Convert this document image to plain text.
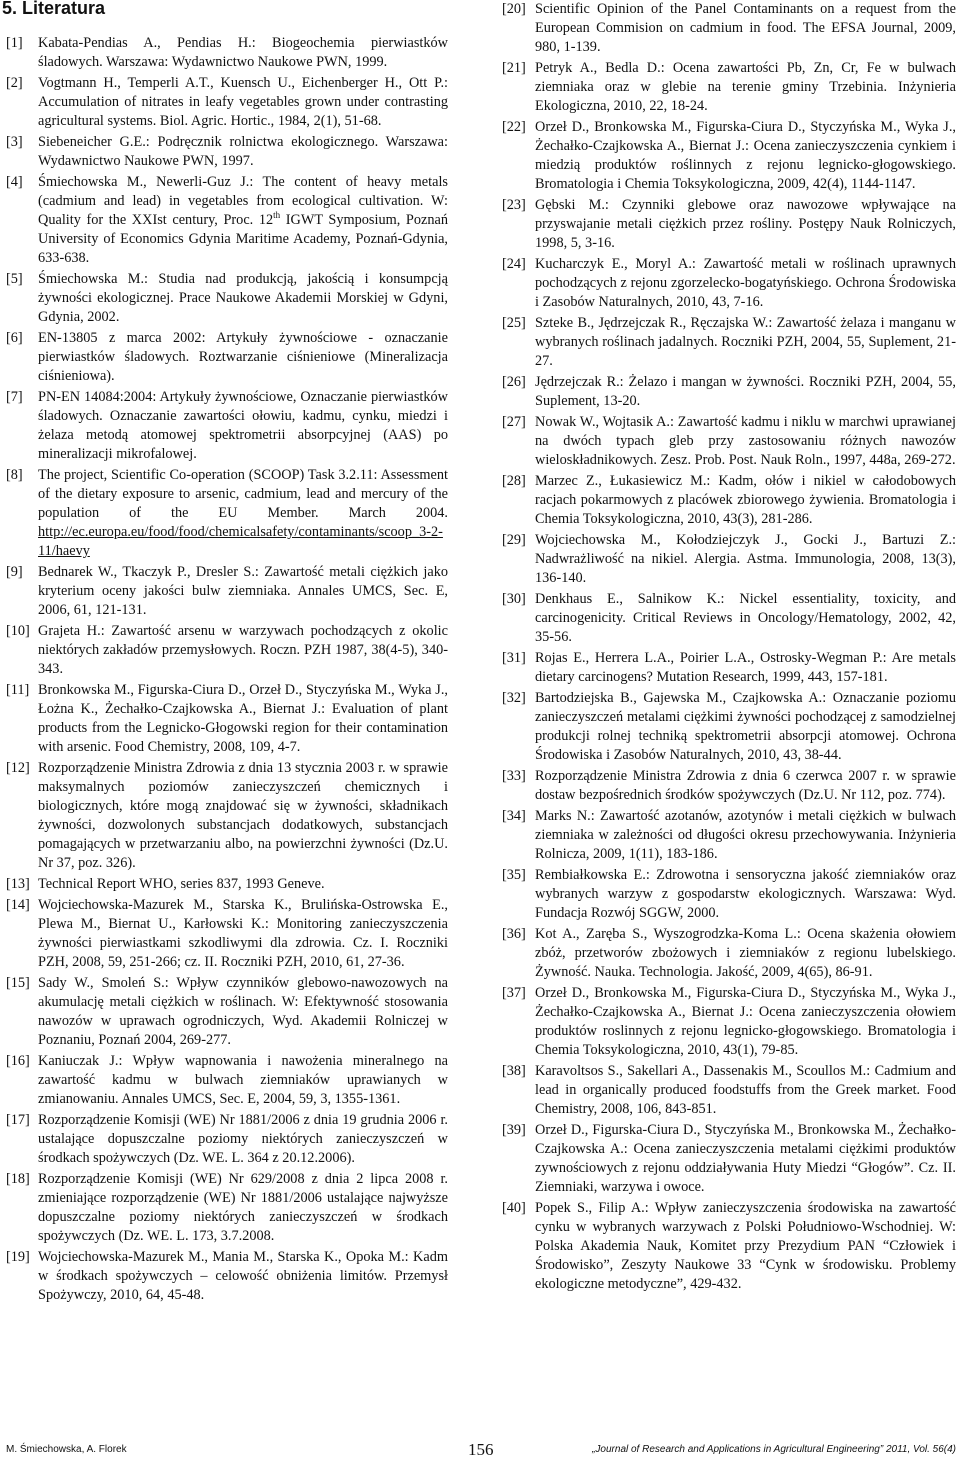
5. Literatura
[1]	Kabata-Pendias A., Pendias H.: Biogeochemia pierwiastków śladowych. Warszawa: Wydawnictwo Naukowe PWN, 1999.
[2]	Vogtmann H., Temperli A.T., Kuensch U., Eichenberger H., Ott P.: Accumulation of nitrates in leafy vegetables grown under contrasting agricultural systems. Biol. Agric. Hortic., 1984, 2(1), 51-68.
[3]	Siebeneicher G.E.: Podręcznik rolnictwa ekologicznego. Warszawa: Wydawnictwo Naukowe PWN, 1997.
[4]	Śmiechowska M., Newerli-Guz J.: The content of heavy metals (cadmium and lead) in vegetables from ecological cultivation. W: Quality for the XXIst century, Proc. 12th IGWT Symposium, Poznań University of Economics Gdynia Maritime Academy, Poznań-Gdynia, 633-638.
[5]	Śmiechowska M.: Studia nad produkcją, jakością i konsumpcją żywności ekologicznej. Prace Naukowe Akademii Morskiej w Gdyni, Gdynia, 2002.
[6]	EN-13805 z marca 2002: Artykuły żywnościowe - oznaczanie pierwiastków śladowych. Roztwarzanie ciśnieniowe (Mineralizacja ciśnieniowa).
[7]	PN-EN 14084:2004: Artykuły żywnościowe, Oznaczanie pierwiastków śladowych. Oznaczanie zawartości ołowiu, kadmu, cynku, miedzi i żelaza metodą atomowej spektrometrii absorpcyjnej (AAS) po mineralizacji mikrofalowej.
[8]	The project, Scientific Co-operation (SCOOP) Task 3.2.11: Assessment of the dietary exposure to arsenic, cadmium, lead and mercury of the population of the EU Member. March 2004. http://ec.europa.eu/food/food/chemicalsafety/contaminants/scoop_3-2-11/haevy
[9]	Bednarek W., Tkaczyk P., Dresler S.: Zawartość metali ciężkich jako kryterium oceny jakości bulw ziemniaka. Annales UMCS, Sec. E, 2006, 61, 121-131.
[10] Grajeta H.: Zawartość arsenu w warzywach pochodzących z okolic niektórych zakładów przemysłowych. Roczn. PZH 1987, 38(4-5), 340-343.
[11] Bronkowska M., Figurska-Ciura D., Orzeł D., Styczyńska M., Wyka J., Łożna K., Żechałko-Czajkowska A., Biernat J.: Evaluation of plant products from the Legnicko-Głogowski region for their contamination with arsenic. Food Chemistry, 2008, 109, 4-7.
[12] Rozporządzenie Ministra Zdrowia z dnia 13 stycznia 2003 r. w sprawie maksymalnych poziomów zanieczyszczeń chemicznych i biologicznych, które mogą znajdować się w żywności, składnikach żywności, dozwolonych substancjach dodatkowych, substancjach pomagających w przetwarzaniu albo, na powierzchni żywności (Dz.U. Nr 37, poz. 326).
[13] Technical Report WHO, series 837, 1993 Geneve.
[14] Wojciechowska-Mazurek M., Starska K., Brulińska-Ostrowska E., Plewa M., Biernat U., Karłowski K.: Monitoring zanieczyszczenia żywności pierwiastkami szkodliwymi dla zdrowia. Cz. I. Roczniki PZH, 2008, 59, 251-266; cz. II. Roczniki PZH, 2010, 61, 27-36.
[15] Sady W., Smoleń S.: Wpływ czynników glebowo-nawozowych na akumulację metali ciężkich w roślinach. W: Efektywność stosowania nawozów w uprawach ogrodniczych, Wyd. Akademii Rolniczej w Poznaniu, Poznań 2004, 269-277.
[16] Kaniuczak J.: Wpływ wapnowania i nawożenia mineralnego na zawartość kadmu w bulwach ziemniaków uprawianych w zmianowaniu. Annales UMCS, Sec. E, 2004, 59, 3, 1355-1361.
[17] Rozporządzenie Komisji (WE) Nr 1881/2006 z dnia 19 grudnia 2006 r. ustalające dopuszczalne poziomy niektórych zanieczyszczeń w środkach spożywczych (Dz. WE. L. 364 z 20.12.2006).
[18] Rozporządzenie Komisji (WE) Nr 629/2008 z dnia 2 lipca 2008 r. zmieniające rozporządzenie (WE) Nr 1881/2006 ustalające najwyższe dopuszczalne poziomy niektórych zanieczyszczeń w środkach spożywczych (Dz. WE. L. 173, 3.7.2008.
[19] Wojciechowska-Mazurek M., Mania M., Starska K., Opoka M.: Kadm w środkach spożywczych – celowość obniżenia limitów. Przemysł Spożywczy, 2010, 64, 45-48.
[20] Scientific Opinion of the Panel Contaminants on a request from the European Commision on cadmium in food. The EFSA Journal, 2009, 980, 1-139.
[21] Petryk A., Bedla D.: Ocena zawartości Pb, Zn, Cr, Fe w bulwach ziemniaka oraz w glebie na terenie gminy Trzebinia. Inżynieria Ekologiczna, 2010, 22, 18-24.
[22] Orzeł D., Bronkowska M., Figurska-Ciura D., Styczyńska M., Wyka J., Żechałko-Czajkowska A., Biernat J.: Ocena zanieczyszczenia cynkiem i miedzią produktów roślinnych z rejonu legnicko-głogowskiego. Bromatologia i Chemia Toksykologiczna, 2009, 42(4), 1144-1147.
[23] Gębski M.: Czynniki glebowe oraz nawozowe wpływające na przyswajanie metali ciężkich przez rośliny. Postępy Nauk Rolniczych, 1998, 5, 3-16.
[24] Kucharczyk E., Moryl A.: Zawartość metali w roślinach uprawnych pochodzących z rejonu zgorzelecko-bogatyńskiego. Ochrona Środowiska i Zasobów Naturalnych, 2010, 43, 7-16.
[25] Szteke B., Jędrzejczak R., Ręczajska W.: Zawartość żelaza i manganu w wybranych roślinach jadalnych. Roczniki PZH, 2004, 55, Suplement, 21-27.
[26] Jędrzejczak R.: Żelazo i mangan w żywności. Roczniki PZH, 2004, 55, Suplement, 13-20.
[27] Nowak W., Wojtasik A.: Zawartość kadmu i niklu w marchwi uprawianej na dwóch typach gleb przy zastosowaniu różnych nawozów wieloskładnikowych. Zesz. Prob. Post. Nauk Roln., 1997, 448a, 269-272.
[28] Marzec Z., Łukasiewicz M.: Kadm, ołów i nikiel w całodobowych racjach pokarmowych z placówek zbiorowego żywienia. Bromatologia i Chemia Toksykologiczna, 2010, 43(3), 281-286.
[29] Wojciechowska M., Kołodziejczyk J., Gocki J., Bartuzi Z.: Nadwrażliwość na nikiel. Alergia. Astma. Immunologia, 2008, 13(3), 136-140.
[30] Denkhaus E., Salnikow K.: Nickel essentiality, toxicity, and carcinogenicity. Critical Reviews in Oncology/Hematology, 2002, 42, 35-56.
[31] Rojas E., Herrera L.A., Poirier L.A., Ostrosky-Wegman P.: Are metals dietary carcinogens? Mutation Research, 1999, 443, 157-181.
[32] Bartodziejska B., Gajewska M., Czajkowska A.: Oznaczanie poziomu zanieczyszczeń metalami ciężkimi żywności pochodzącej z samodzielnej produkcji rolnej techniką spektrometrii absorpcji atomowej. Ochrona Środowiska i Zasobów Naturalnych, 2010, 43, 38-44.
[33] Rozporządzenie Ministra Zdrowia z dnia 6 czerwca 2007 r. w sprawie dostaw bezpośrednich środków spożywczych (Dz.U. Nr 112, poz. 774).
[34] Marks N.: Zawartość azotanów, azotynów i metali ciężkich w bulwach ziemniaka w zależności od długości okresu przechowywania. Inżynieria Rolnicza, 2009, 1(11), 183-186.
[35] Rembiałkowska E.: Zdrowotna i sensoryczna jakość ziemniaków oraz wybranych warzyw z gospodarstw ekologicznych. Warszawa: Wyd. Fundacja Rozwój SGGW, 2000.
[36] Kot A., Zaręba S., Wyszogrodzka-Koma L.: Ocena skażenia ołowiem zbóż, przetworów zbożowych i ziemniaków z regionu lubelskiego. Żywność. Nauka. Technologia. Jakość, 2009, 4(65), 86-91.
[37] Orzeł D., Bronkowska M., Figurska-Ciura D., Styczyńska M., Wyka J., Żechałko-Czajkowska A., Biernat J.: Ocena zanieczyszczenia ołowiem produktów roslinnych z rejonu legnicko-głogowskiego. Bromatologia i Chemia Toksykologiczna, 2010, 43(1), 79-85.
[38] Karavoltsos S., Sakellari A., Dassenakis M., Scoullos M.: Cadmium and lead in organically produced foodstuffs from the Greek market. Food Chemistry, 2008, 106, 843-851.
[39] Orzeł D., Figurska-Ciura D., Styczyńska M., Bronkowska M., Żechałko-Czajkowska A.: Ocena zanieczyszczenia metalami ciężkimi produktów zywnościowych z rejonu oddziaływania Huty Miedzi “Głogów”. Cz. II. Ziemniaki, warzywa i owoce.
[40] Popek S., Filip A.: Wpływ zanieczyszczenia środowiska na zawartość cynku w wybranych warzywach z Polski Południowo-Wschodniej. W: Polska Akademia Nauk, Komitet przy Prezydium PAN “Człowiek i Środowisko”, Zeszyty Naukowe 33 “Cynk w środowisku. Problemy ekologiczne metodyczne”, 429-432.
M. Śmiechowska, A. Florek	156	„Journal of Research and Applications in Agricultural Engineering” 2011, Vol. 56(4)
